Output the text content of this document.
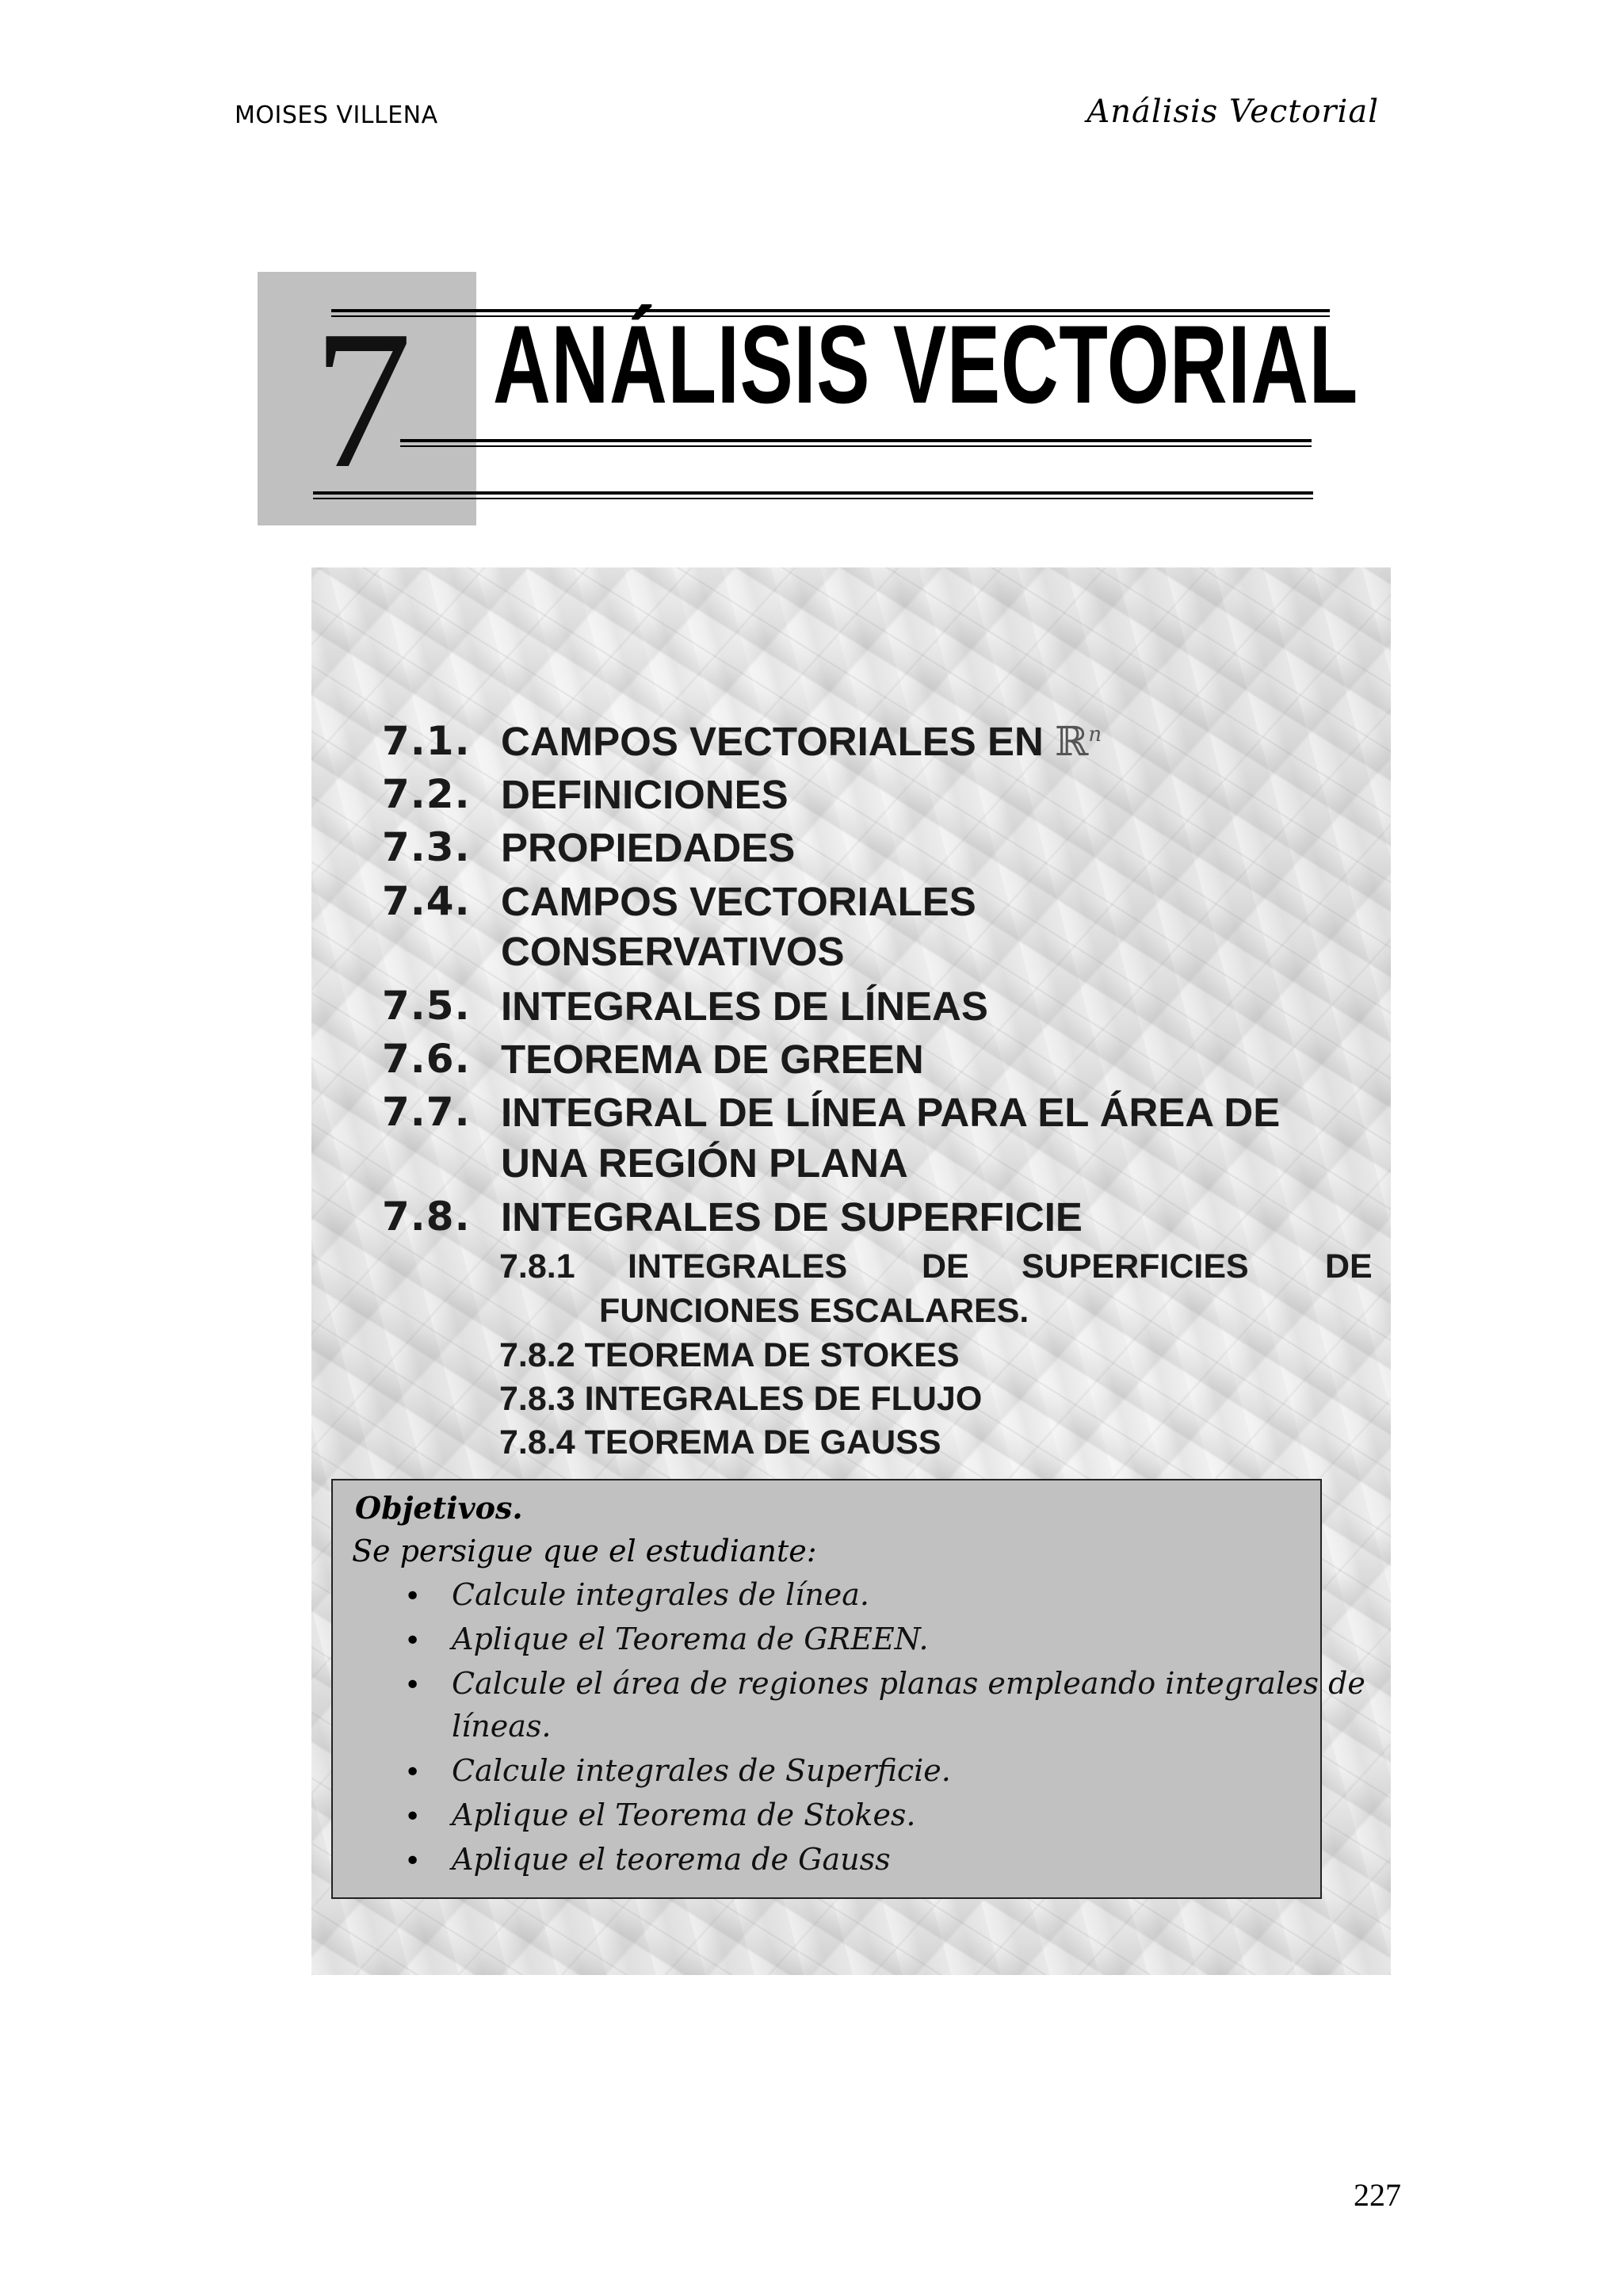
MOISES VILLENA	Análisis Vectorial
7 ANÁLISIS VECTORIAL
7.1. CAMPOS VECTORIALES EN ℝ$^n$
7.2. DEFINICIONES
7.3. PROPIEDADES
7.4. CAMPOS VECTORIALES
CONSERVATIVOS
7.5. INTEGRALES DE LÍNEAS
7.6. TEOREMA DE GREEN
7.7. INTEGRAL DE LÍNEA PARA EL ÁREA DE
UNA REGIÓN PLANA
7.8. INTEGRALES DE SUPERFICIE
7.8.1 INTEGRALES DE SUPERFICIES DE
FUNCIONES ESCALARES.
7.8.2 TEOREMA DE STOKES
7.8.3 INTEGRALES DE FLUJO
7.8.4 TEOREMA DE GAUSS
Objetivos.
Se persigue que el estudiante:
• Calcule integrales de línea.
• Aplique el Teorema de GREEN.
• Calcule el área de regiones planas empleando integrales de
líneas.
• Calcule integrales de Superficie.
• Aplique el Teorema de Stokes.
• Aplique el teorema de Gauss
227
